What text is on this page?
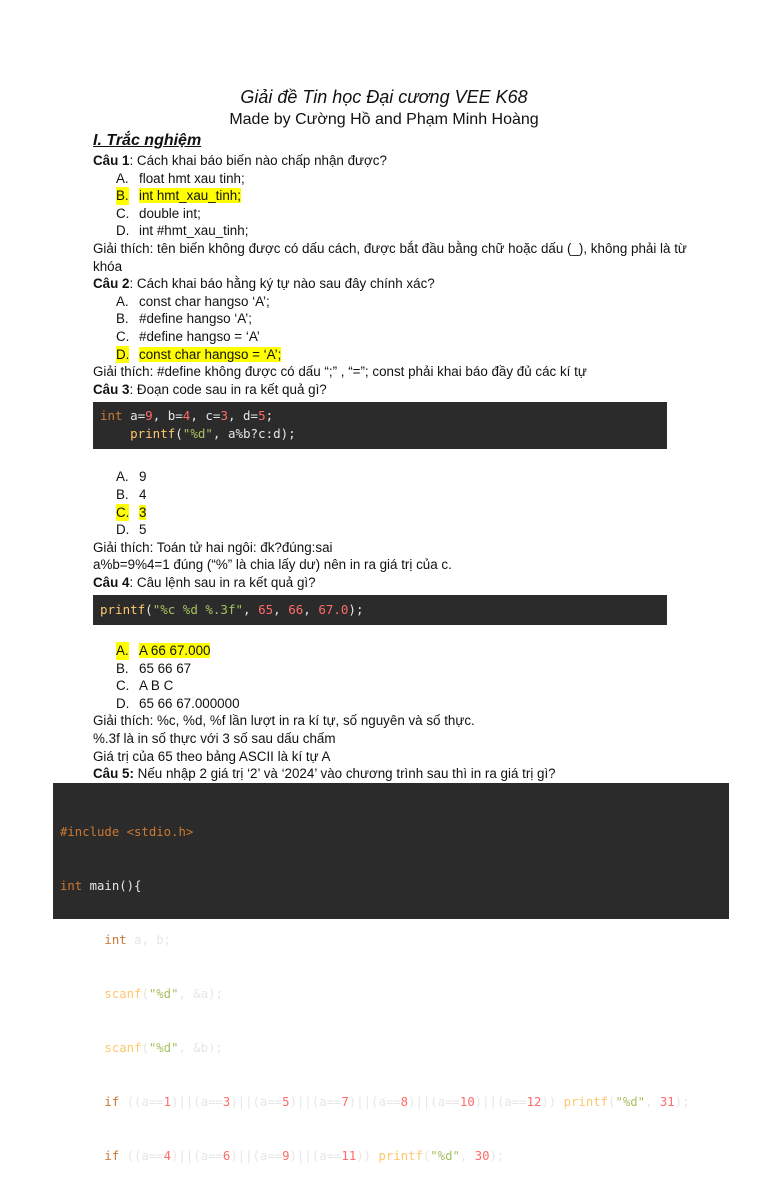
Giải đề Tin học Đại cương VEE K68
Made by Cường Hồ and Phạm Minh Hoàng
I. Trắc nghiệm
Câu 1: Cách khai báo biến nào chấp nhận được?
A. float hmt xau tinh;
B. int hmt_xau_tinh;
C. double int;
D. int #hmt_xau_tinh;
Giải thích: tên biến không được có dấu cách, được bắt đầu bằng chữ hoặc dấu (_), không phải là từ khóa
Câu 2: Cách khai báo hằng ký tự nào sau đây chính xác?
A. const char hangso ‘A’;
B. #define hangso ‘A’;
C. #define hangso = ‘A’
D. const char hangso = ‘A’;
Giải thích: #define không được có dấu “;” , “=”; const phải khai báo đầy đủ các kí tự
Câu 3: Đoạn code sau in ra kết quả gì?
int a=9, b=4, c=3, d=5;
printf("%d", a%b?c:d);
A. 9
B. 4
C. 3
D. 5
Giải thích: Toán tử hai ngôi: đk?đúng:sai
a%b=9%4=1 đúng (“%” là chia lấy dư) nên in ra giá trị của c.
Câu 4: Câu lệnh sau in ra kết quả gì?
printf("%c %d %.3f", 65, 66, 67.0);
A. A 66 67.000
B. 65 66 67
C. A B C
D. 65 66 67.000000
Giải thích: %c, %d, %f lần lượt in ra kí tự, số nguyên và số thực.
%.3f là in số thực với 3 số sau dấu chấm
Giá trị của 65 theo bảng ASCII là kí tự A
Câu 5: Nếu nhập 2 giá trị ‘2’ và ‘2024’ vào chương trình sau thì in ra giá trị gì?

#include <stdio.h>

int main(){

int a, b;

scanf("%d", &a);

scanf("%d", &b);

if ((a==1)||(a==3)||(a==5)||(a==7)||(a==8)||(a==10)||(a==12)) printf("%d", 31);

if ((a==4)||(a==6)||(a==9)||(a==11)) printf("%d", 30);
